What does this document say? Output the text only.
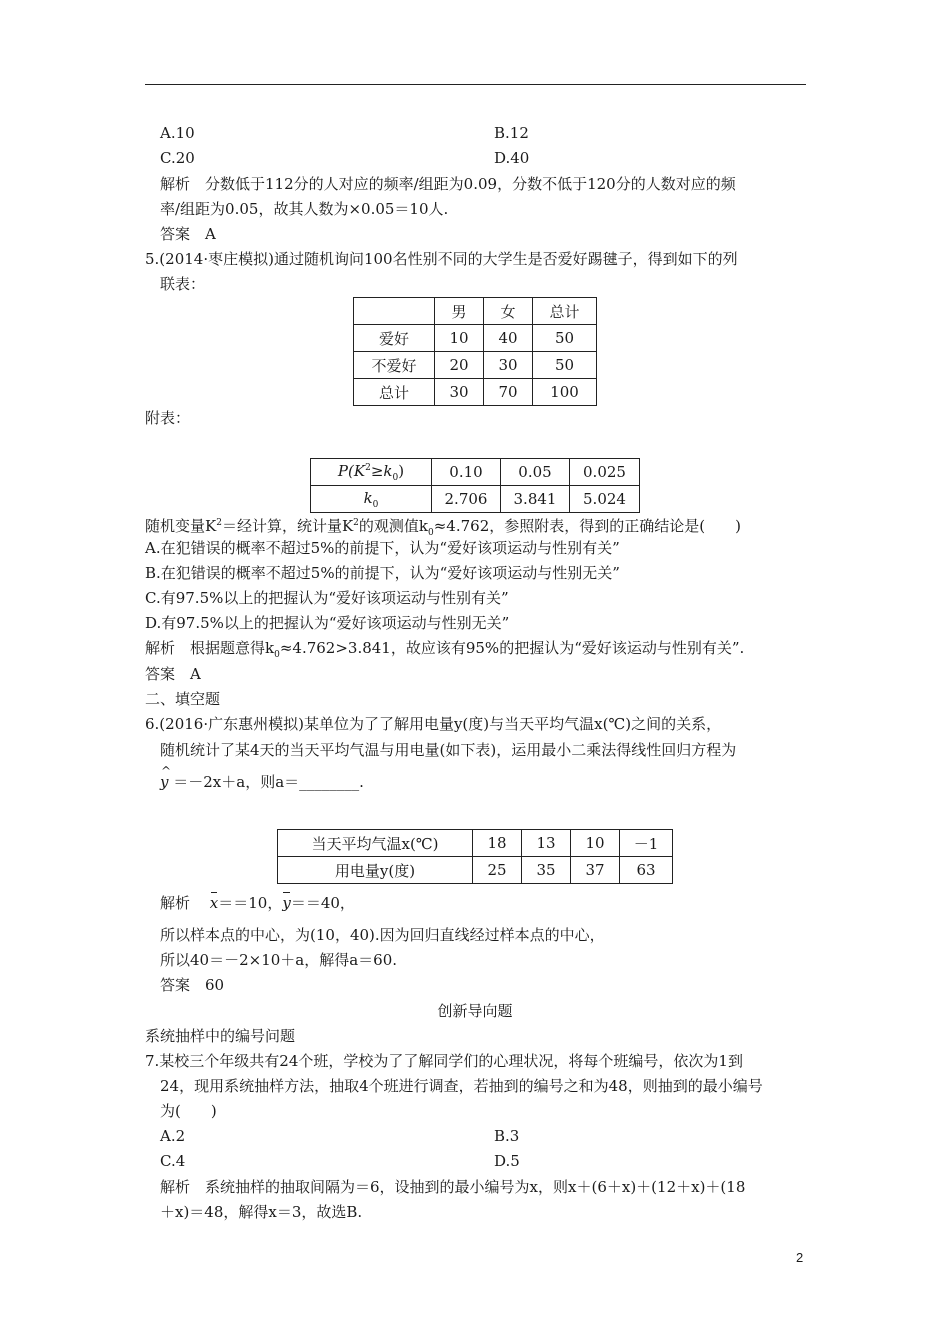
A.10	B.12
C.20	D.40
解析　分数低于112分的人对应的频率/组距为0.09，分数不低于120分的人数对应的频
率/组距为0.05，故其人数为×0.05＝10人.
答案　A
5.(2014·枣庄模拟)通过随机询问100名性别不同的大学生是否爱好踢毽子，得到如下的列
联表：
	男	女	总计
爱好	10	40	50
不爱好	20	30	50
总计	30	70	100
附表：
$P(K^2\ge k_0)$	0.10	0.05	0.025
$k_0$	2.706	3.841	5.024
随机变量$K^2=$经计算，统计量$K^2$的观测值$k_0\approx 4.762$，参照附表，得到的正确结论是(　　)
A.在犯错误的概率不超过5%的前提下，认为“爱好该项运动与性别有关”
B.在犯错误的概率不超过5%的前提下，认为“爱好该项运动与性别无关”
C.有97.5%以上的把握认为“爱好该项运动与性别有关”
D.有97.5%以上的把握认为“爱好该项运动与性别无关”
解析　根据题意得$k_0\approx 4.762>3.841$，故应该有95%的把握认为“爱好该运动与性别有关”.
答案　A
二、填空题
6.(2016·广东惠州模拟)某单位为了了解用电量y(度)与当天平均气温x(℃)之间的关系，
随机统计了某4天的当天平均气温与用电量(如下表)，运用最小二乘法得线性回归方程为
^ y ＝－2x＋a，则a＝________.
当天平均气温x(℃)	18	13	10	－1
用电量y(度)	25	35	37	63
解析　 x＝＝10，y＝＝40，
所以样本点的中心，为(10，40).因为回归直线经过样本点的中心，
所以40＝－2×10＋a，解得a＝60.
答案　60
创新导向题
系统抽样中的编号问题
7.某校三个年级共有24个班，学校为了了解同学们的心理状况，将每个班编号，依次为1到
24，现用系统抽样方法，抽取4个班进行调查，若抽到的编号之和为48，则抽到的最小编号
为(　　)
A.2	B.3
C.4	D.5
解析　系统抽样的抽取间隔为＝6，设抽到的最小编号为x，则x＋(6＋x)＋(12＋x)＋(18
＋x)＝48，解得x＝3，故选B.
2
